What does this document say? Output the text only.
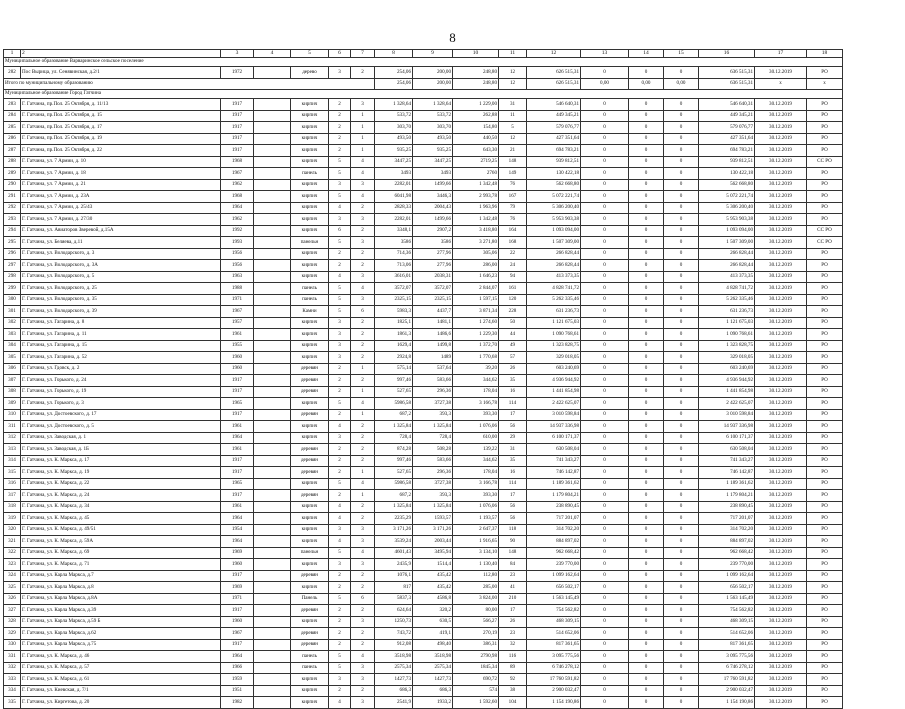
8
1	2	3	4	5	6	7	8	9	10	11	12	13	14	15	16	17	18
Муниципальное образование Варваринское сельское поселение																	
282	Пос Вырица, ул. Сенявинская, д.2/1	1972		дерево	3	2	254,06	200,00	248,80	12	626 515,31	0	0	0	636 515,31	30.12.2019	РО
Итого по муниципальному образованию							254,06	200,00	248,80	12	626 515,31	0,00	0,00	0,00	636 515,31	х	х
Муниципальное образование Город Гатчина																	
283	Г. Гатчина, пр.Пол. 25 Октября, д. 11/13	1917		кирпич	2	3	1 328,64	1 328,64	1 229,00	31	546 640,31	0	0	0	546 640,31	30.12.2019	РО
284	Г. Гатчина, пр.Пол. 25 Октября, д. 15	1917		кирпич	2	1	533,72	533,72	262,88	11	449 345,21	0	0	0	449 345,21	30.12.2019	РО
285	Г. Гатчина, пр.Пол. 25 Октября, д. 17	1917		кирпич	2	1	303,70	303,70	154,80	5	579 076,77	0	0	0	579 076,77	30.12.2019	РО
286	Г. Гатчина, пр.Пол. 25 Октября, д. 19	1917		кирпич	2	1	493,50	493,50	440,50	12	427 351,64	0	0	0	427 351,64	30.12.2019	РО
287	Г. Гатчина, пр.Пол. 25 Октября, д. 22	1917		кирпич	2	1	935,25	935,25	643,30	21	694 783,21	0	0	0	694 783,21	30.12.2019	РО
288	Г. Гатчина, ул. 7 Армии, д. 10	1968		кирпич	5	4	3447,25	3447,25	2719,25	148	939 812,51	0	0	0	939 812,51	30.12.2019	СС РО
289	Г. Гатчина, ул. 7 Армии, д. 18	1967		панель	5	4	3493	3493	2760	149	130 422,18	0	0	0	130 422,18	30.12.2019	РО
290	Г. Гатчина, ул. 7 Армии, д. 21	1962		кирпич	3	3	2282,01	1499,66	1 342,48	76	562 668,80	0	0	0	562 668,80	30.12.2019	РО
291	Г. Гатчина, ул. 7 Армии, д. 23А	1968		кирпич	5	4	6041,98	3446,3	2 993,78	167	5 072 221,74	0	0	0	5 072 221,74	30.12.2019	РО
292	Г. Гатчина, ул. 7 Армии, д. 25/43	1964		кирпич	4	2	2828,33	2004,43	1 963,96	79	5 306 200,40	0	0	0	5 306 200,40	30.12.2019	РО
293	Г. Гатчина, ул. 7 Армии, д. 27/30	1962		кирпич	3	3	2282,01	1499,66	1 342,48	76	5 953 903,38	0	0	0	5 953 903,38	30.12.2019	РО
294	Г. Гатчина, ул. Авиаторов Зверевой, д.15А	1992		кирпич	6	2	3348,1	2907,2	3 418,80	164	1 093 094,00	0	0	0	1 093 094,00	30.12.2019	СС РО
295	Г. Гатчина, ул. Беляева, д.11	1993		панельн	5	3	3586	3586	3 271,80	168	1 507 309,00	0	0	0	1 507 309,00	30.12.2019	СС РО
296	Г. Гатчина, ул. Володарского, д. 3	1956		кирпич	2	2	714,36	277,96	305,06	22	266 828,44	0	0	0	266 828,44	30.12.2019	РО
297	Г. Гатчина, ул. Володарского, д. 3А	1956		кирпич	2	2	713,06	277,96	286,00	24	266 828,44	0	0	0	266 828,44	30.12.2019	РО
298	Г. Гатчина, ул. Володарского, д. 5	1963		кирпич	4	3	3616,01	2038,31	1 646,23	94	413 373,35	0	0	0	413 373,35	30.12.2019	РО
299	Г. Гатчина, ул. Володарского, д. 25	1988		панель	5	4	3572,07	3572,07	2 844,07	161	4 828 741,72	0	0	0	4 828 741,72	30.12.2019	РО
300	Г. Гатчина, ул. Володарского, д. 35	1971		панель	5	3	2325,15	2325,15	1 597,15	120	5 262 335,46	0	0	0	5 262 335,46	30.12.2019	РО
301	Г. Гатчина, ул. Володарского, д. 39	1967		Камни	5	6	5983,3	4437,7	3 871,34	228	631 236,73	0	0	0	631 236,73	30.12.2019	РО
302	Г. Гатчина, ул. Гагарина, д. 8	1957		кирпич	3	2	1825,1	1481,1	1 274,60	50	1 121 675,03	0	0	0	1 121 675,03	30.12.2019	РО
303	Г. Гатчина, ул. Гагарина, д. 11	1961		кирпич	3	2	1861,3	1486,6	1 229,30	44	1 090 768,61	0	0	0	1 090 768,61	30.12.2019	РО
304	Г. Гатчина, ул. Гагарина, д. 15	1955		кирпич	3	2	1629,4	1499,8	1 372,70	49	1 323 828,75	0	0	0	1 323 828,75	30.12.2019	РО
305	Г. Гатчина, ул. Гагарина, д. 52	1960		кирпич	3	2	2924,8	1489	1 770,68	57	329 018,05	0	0	0	329 018,05	30.12.2019	РО
306	Г. Гатчина, ул. Гдовск, д. 2	1960		деревян	2	1	575,14	537,64	39,20	26	603 240,69	0	0	0	603 240,69	30.12.2019	РО
307	Г. Гатчина, ул. Горького, д. 24	1917		деревян	2	2	997,46	583,66	344,62	35	4 936 944,92	0	0	0	4 936 944,92	30.12.2019	РО
308	Г. Гатчина, ул. Горького, д. 19	1917		деревян	2	1	527,65	296,36	178,04	16	1 441 854,98	0	0	0	1 441 854,98	30.12.2019	РО
309	Г. Гатчина, ул. Горького, д. 3	1965		кирпич	5	4	5986,58	3727,38	3 166,78	114	2 422 625,07	0	0	0	2 422 625,07	30.12.2019	РО
310	Г. Гатчина, ул. Достоевского, д. 17	1917		деревян	2	1	687,2	393,3	393,30	17	3 010 598,84	0	0	0	3 010 598,84	30.12.2019	РО
311	Г. Гатчина, ул. Достоевского, д. 5	1961		кирпич	4	2	1 325,84	1 325,84	1 076,06	56	14 937 336,98	0	0	0	14 937 336,98	30.12.2019	РО
312	Г. Гатчина, ул. Заводская, д. 1	1964		кирпич	3	2	728,4	728,4	610,00	29	6 100 171,37	0	0	0	6 100 171,37	30.12.2019	РО
313	Г. Гатчина, ул. Заводская, д. 1Б	1961		деревян	2	2	874,28	508,28	139,22	31	630 508,04	0	0	0	630 508,04	30.12.2019	РО
314	Г. Гатчина, ул. К. Маркса, д. 17	1917		деревян	2	2	997,46	583,66	344,62	35	741 343,27	0	0	0	741 343,27	30.12.2019	РО
315	Г. Гатчина, ул. К. Маркса, д. 19	1917		деревян	2	1	527,65	296,36	178,04	16	746 142,87	0	0	0	746 142,87	30.12.2019	РО
316	Г. Гатчина, ул. К. Маркса, д. 22	1965		кирпич	5	4	5986,58	3727,38	3 166,78	114	1 189 361,62	0	0	0	1 189 361,62	30.12.2019	РО
317	Г. Гатчина, ул. К. Маркса, д. 24	1917		деревян	2	1	687,2	393,3	393,30	17	1 179 804,21	0	0	0	1 179 804,21	30.12.2019	РО
318	Г. Гатчина, ул. К. Маркса, д. 34	1961		кирпич	4	2	1 325,84	1 325,84	1 076,06	56	238 890,45	0	0	0	238 890,45	30.12.2019	РО
319	Г. Гатчина, ул. К. Маркса, д. 45	1964		кирпич	4	2	2235,29	1593,57	1 193,57	56	717 201,07	0	0	0	717 201,07	30.12.2019	РО
320	Г. Гатчина, ул. К. Маркса, д. 49/51	1954		кирпич	3	3	3 171,26	3 171,26	2 647,37	118	314 702,20	0	0	0	314 702,20	30.12.2019	РО
321	Г. Гатчина, ул. К. Маркса, д. 59А	1964		кирпич	4	3	3539,24	2003,44	1 916,65	90	884 897,02	0	0	0	884 897,02	30.12.2019	РО
322	Г. Гатчина, ул. К. Маркса, д. 69	1969		панельн	5	4	4601,43	3495,94	3 134,10	148	962 668,42	0	0	0	962 668,42	30.12.2019	РО
323	Г. Гатчина, ул. К. Маркса, д. 71	1960		кирпич	3	3	2435,9	1514,4	1 130,40	84	239 770,00	0	0	0	239 770,00	30.12.2019	РО
324	Г. Гатчина, ул. Карла Маркса, д.7	1917		деревян	2	2	1076,1	435,42	112,80	23	1 099 162,64	0	0	0	1 099 162,64	30.12.2019	РО
325	Г. Гатчина, ул. Карла Маркса, д.8	1969		кирпич	2	2	817	435,42	285,00	41	656 502,17	0	0	0	656 502,17	30.12.2019	РО
326	Г. Гатчина, ул. Карла Маркса, д.8А	1971		Панель	5	6	5837,3	4586,8	3 824,00	210	1 563 145,49	0	0	0	1 563 145,49	30.12.2019	РО
327	Г. Гатчина, ул. Карла Маркса, д.39	1917		деревян	2	2	624,64	320,2	80,00	17	754 562,82	0	0	0	754 562,82	30.12.2019	РО
328	Г. Гатчина, ул. Карла Маркса, д.59 Б	1960		кирпич	2	3	1250,73	630,5	566,27	26	468 309,15	0	0	0	468 309,15	30.12.2019	РО
329	Г. Гатчина, ул. Карла Маркса, д.62	1967		деревян	2	2	743,72	419,1	270,19	23	514 652,06	0	0	0	514 652,06	30.12.2019	РО
330	Г. Гатчина, ул. Карла Маркса, д.75	1917		деревян	2	2	912,08	498,40	386,31	32	817 361,65	0	0	0	817 361,65	30.12.2019	РО
331	Г. Гатчина, ул. К. Маркса, д. 46	1964		панель	5	4	3518,98	3518,98	2790,98	116	3 095 775,56	0	0	0	3 095 775,56	30.12.2019	РО
332	Г. Гатчина, ул. К. Маркса, д. 57	1966		панель	5	3	2575,34	2575,34	1845,34	89	6 746 278,12	0	0	0	6 746 278,12	30.12.2019	РО
333	Г. Гатчина, ул. К. Маркса, д. 61	1959		кирпич	3	3	1427,73	1427,73	690,72	92	17 760 591,82	0	0	0	17 760 591,82	30.12.2019	РО
334	Г. Гатчина, ул. Киевская, д. 7/1	1951		кирпич	2	2	686,3	686,3	574	38	2 900 032,47	0	0	0	2 900 032,47	30.12.2019	РО
335	Г. Гатчина, ул. Киргетова, д. 20	1982		кирпич	4	3	2541,9	1933,2	1 592,60	104	1 154 190,86	0	0	0	1 154 190,86	30.12.2019	РО
